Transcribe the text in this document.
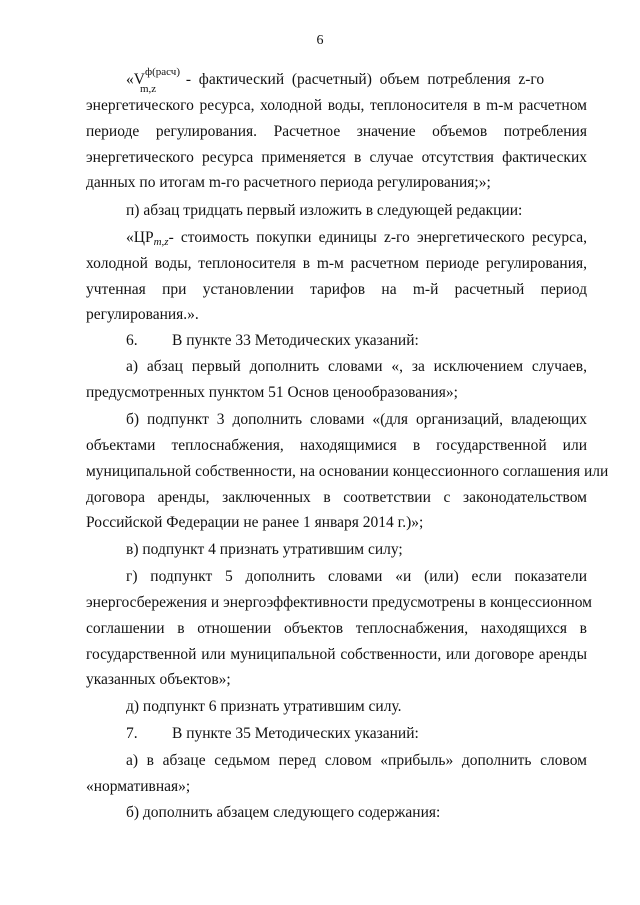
6
«$V^{ф(расч)}$
m,z
-  фактический  (расчетный)  объем  потребления  z-го
энергетического ресурса, холодной воды, теплоносителя в m-м расчетном
периоде регулирования. Расчетное значение объемов потребления
энергетического ресурса применяется в случае отсутствия фактических
данных по итогам m-го расчетного периода регулирования;»;
п) абзац тридцать первый изложить в следующей редакции:
«ЦРm,z- стоимость покупки единицы z-го энергетического ресурса,
холодной воды, теплоносителя в m-м расчетном периоде регулирования,
учтенная при установлении тарифов на m-й расчетный период
регулирования.».
6. В пункте 33 Методических указаний:
а) абзац первый дополнить словами «, за исключением случаев,
предусмотренных пунктом 51 Основ ценообразования»;
б) подпункт 3 дополнить словами «(для организаций, владеющих
объектами теплоснабжения, находящимися в государственной или
муниципальной собственности, на основании концессионного соглашения или
договора аренды, заключенных в соответствии с законодательством
Российской Федерации не ранее 1 января 2014 г.)»;
в) подпункт 4 признать утратившим силу;
г) подпункт 5 дополнить словами «и (или) если показатели
энергосбережения и энергоэффективности предусмотрены в концессионном
соглашении в отношении объектов теплоснабжения, находящихся в
государственной или муниципальной собственности, или договоре аренды
указанных объектов»;
д) подпункт 6 признать утратившим силу.
7. В пункте 35 Методических указаний:
а) в абзаце седьмом перед словом «прибыль» дополнить словом
«нормативная»;
б) дополнить абзацем следующего содержания:
